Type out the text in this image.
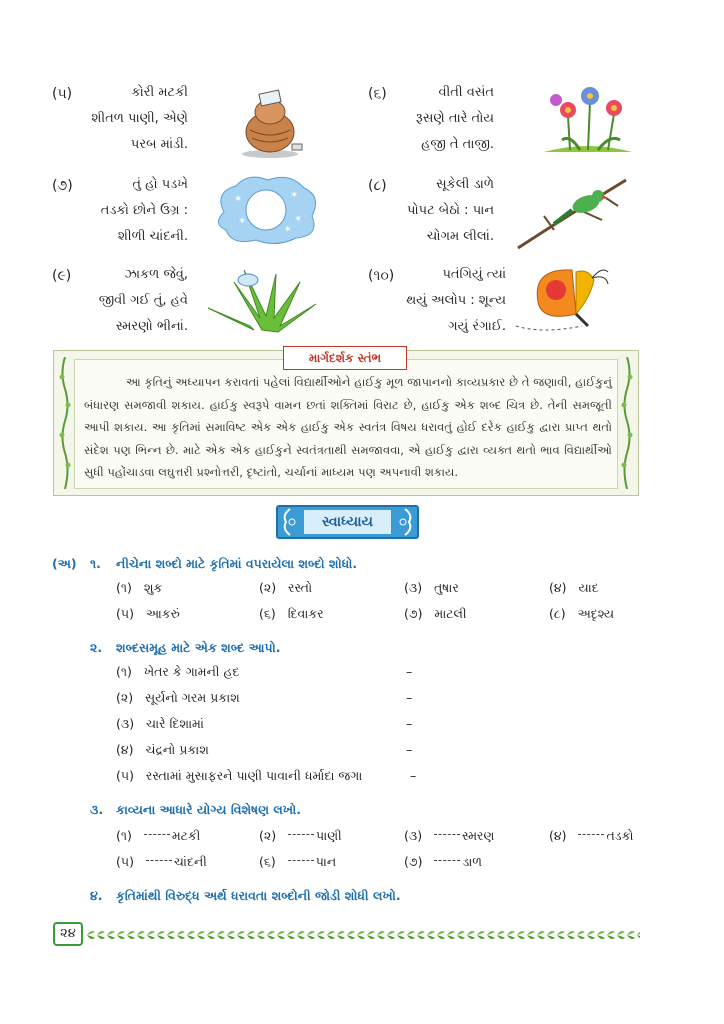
(૫)	કોરી મટકી
શીતળ પાણી, એણે
પરબ માંડી.
(૬)	વીતી વસંત
રૂસણે તારે તોય
હજી તે તાજી.
(૭)	તું હો પડખે
તડકો છોને ઉગ્ર :
શીળી ચાંદની.
✶
✶
✶
✶
✶
(૮)	સૂકેલી ડાળે
પોપટ બેઠો : પાન
ચોગમ લીલાં.
(૯)	ઝાકળ જેવું,
જીવી ગઈ તું, હવે
સ્મરણો ભીનાં.
(૧૦)	પતંગિયું ત્યાં
થયું અલોપ : શૂન્ય
ગયું રંગાઈ.
આ કૃતિનું અધ્યાપન કરાવતાં પહેલાં વિદ્યાર્થીઓને હાઈકુ મૂળ જાપાનનો કાવ્યપ્રકાર છે તે જણાવી, હાઈકુનું બંધારણ સમજાવી શકાય. હાઈકુ સ્વરૂપે વામન છતાં શક્તિમાં વિરાટ છે, હાઈકુ એક શબ્દ ચિત્ર છે. તેની સમજૂતી આપી શકાય. આ કૃતિમાં સમાવિષ્ટ એક એક હાઈકુ એક સ્વતંત્ર વિષય ધરાવતું હોઈ દરેક હાઈકુ દ્વારા પ્રાપ્ત થતો સંદેશ પણ ભિન્ન છે. માટે એક એક હાઈકુને સ્વતંત્રતાથી સમજાવવા, એ હાઈકુ દ્વારા વ્યક્ત થતો ભાવ વિદ્યાર્થીઓ સુધી પહોંચાડવા લઘુત્તરી પ્રશ્નોત્તરી, દૃષ્ટાંતો, ચર્ચાનાં માધ્યમ પણ અપનાવી શકાય.
માર્ગદર્શક સ્તંભ
સ્વાધ્યાય
(અ) ૧. નીચેના શબ્દો માટે કૃતિમાં વપરાયેલા શબ્દો શોધો.
(૧) શુક	(૨) રસ્તો	(૩) તુષાર	(૪) યાદ
(૫) આકરું	(૬) દિવાકર	(૭) માટલી	(૮) અદૃશ્ય
૨. શબ્દસમૂહ માટે એક શબ્દ આપો.
(૧) ખેતર કે ગામની હદ	–
(૨) સૂર્યનો ગરમ પ્રકાશ	–
(૩) ચારે દિશામાં	–
(૪) ચંદ્રનો પ્રકાશ	–
(૫) રસ્તામાં મુસાફરને પાણી પાવાની ધર્માદા જગા	–
૩. કાવ્યના આધારે યોગ્ય વિશેષણ લખો.
(૧)	મટકી	(૨)	પાણી	(૩)	સ્મરણ	(૪)	તડકો
(૫)	ચાંદની	(૬)	પાન	(૭)	ડાળ
૪. કૃતિમાંથી વિરુદ્ધ અર્થ ધરાવતા શબ્દોની જોડી શોધી લખો.
૨૪
